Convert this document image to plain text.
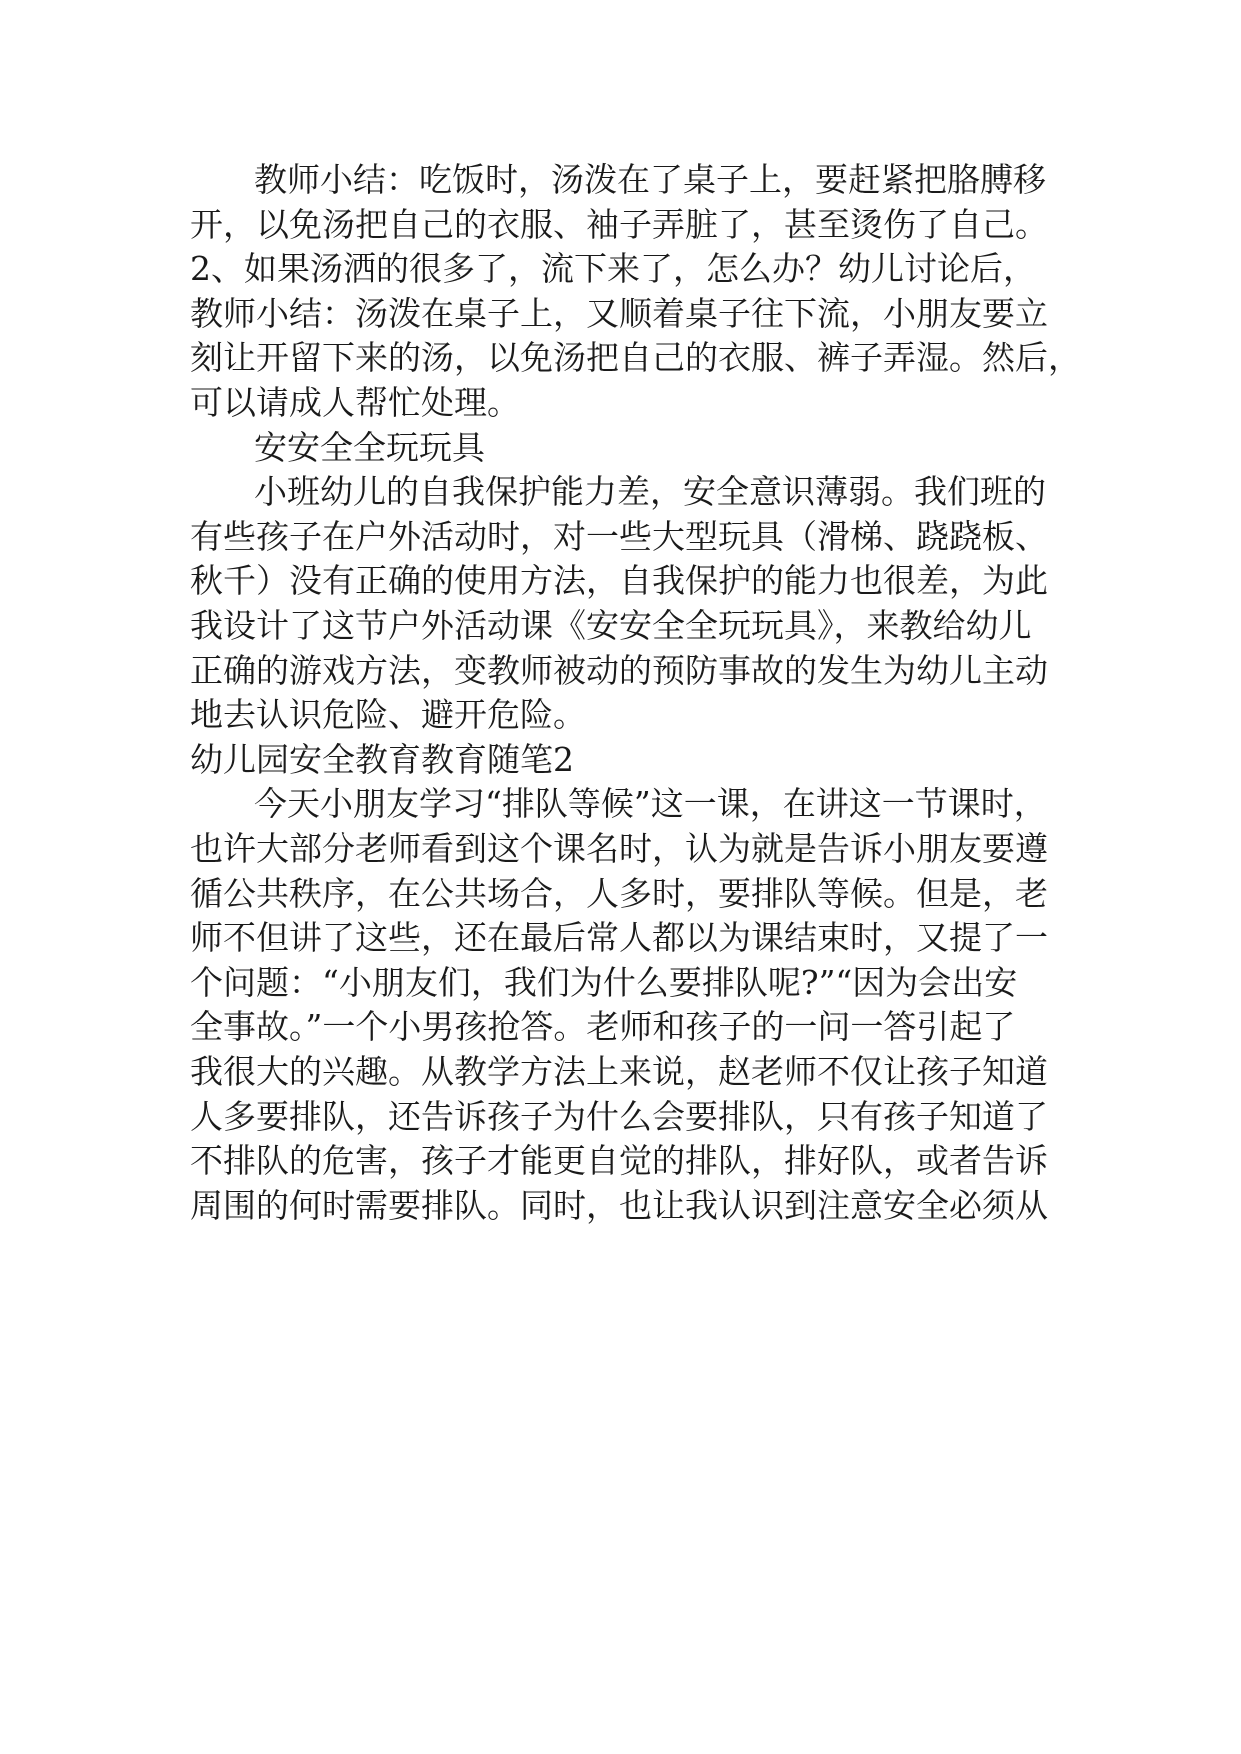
教师小结：吃饭时，汤泼在了桌子上，要赶紧把胳膊移
开，以免汤把自己的衣服、袖子弄脏了，甚至烫伤了自己。
2、如果汤洒的很多了，流下来了，怎么办？幼儿讨论后，
教师小结：汤泼在桌子上，又顺着桌子往下流，小朋友要立
刻让开留下来的汤，以免汤把自己的衣服、裤子弄湿。然后，
可以请成人帮忙处理。
安安全全玩玩具
小班幼儿的自我保护能力差，安全意识薄弱。我们班的
有些孩子在户外活动时，对一些大型玩具（滑梯、跷跷板、
秋千）没有正确的使用方法，自我保护的能力也很差，为此
我设计了这节户外活动课《安安全全玩玩具》，来教给幼儿
正确的游戏方法，变教师被动的预防事故的发生为幼儿主动
地去认识危险、避开危险。
幼儿园安全教育教育随笔2
今天小朋友学习“排队等候”这一课，在讲这一节课时，
也许大部分老师看到这个课名时，认为就是告诉小朋友要遵
循公共秩序，在公共场合，人多时，要排队等候。但是，老
师不但讲了这些，还在最后常人都以为课结束时，又提了一
个问题：“小朋友们，我们为什么要排队呢?”“因为会出安
全事故。”一个小男孩抢答。老师和孩子的一问一答引起了
我很大的兴趣。从教学方法上来说，赵老师不仅让孩子知道
人多要排队，还告诉孩子为什么会要排队，只有孩子知道了
不排队的危害，孩子才能更自觉的排队，排好队，或者告诉
周围的何时需要排队。同时，也让我认识到注意安全必须从
